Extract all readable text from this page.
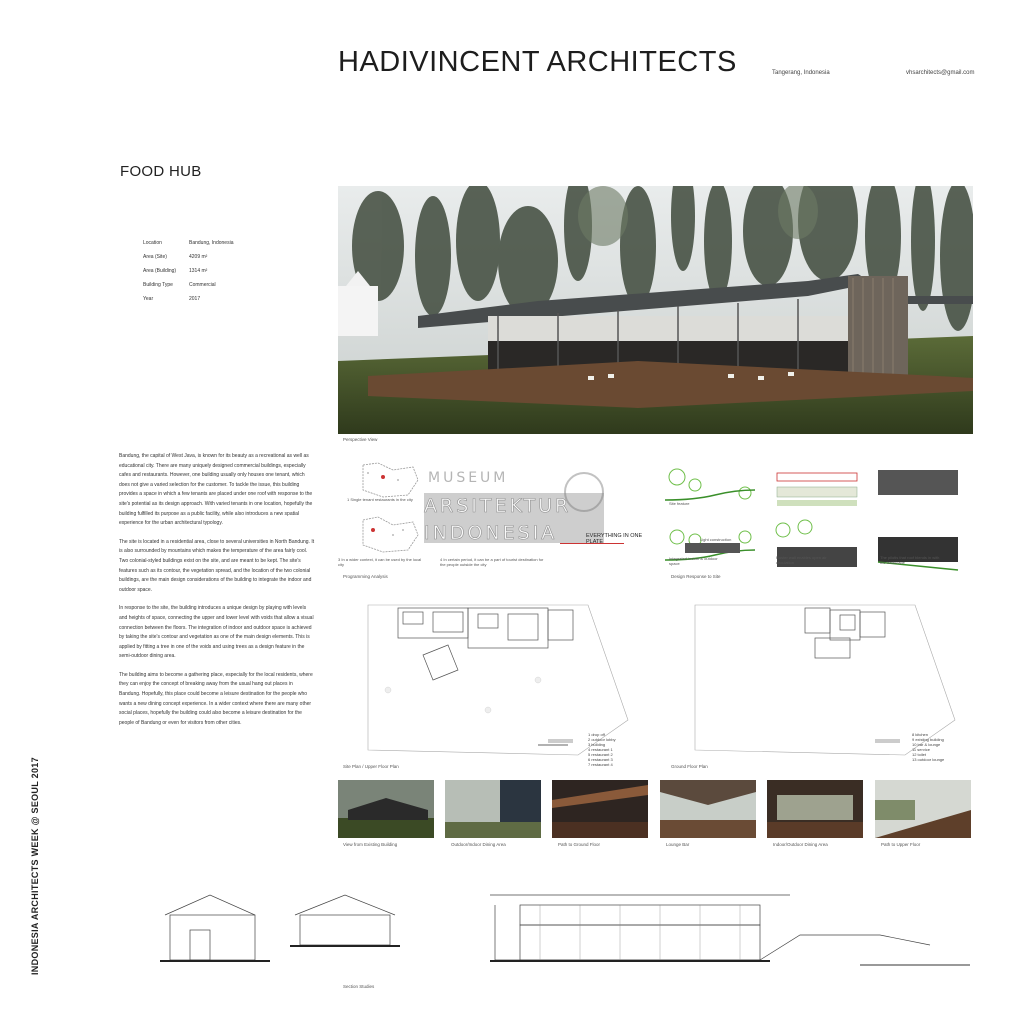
HADIVINCENT ARCHITECTS	Tangerang, Indonesia	vhsarchitects@gmail.com
FOOD HUB
Location	Bandung, Indonesia
Area (Site)	4209 m²
Area (Building)	1314 m²
Building Type	Commercial
Year	2017
Perspective View

Bandung, the capital of West Java, is known for its beauty as a recreational as well as educational city. There are many uniquely designed commercial buildings, especially cafes and restaurants. However, one building usually only houses one tenant, which does not give a varied selection for the customer. To tackle the issue, this building provides a space in which a few tenants are placed under one roof with response to the site's potential as its design approach. With varied tenants in one location, hopefully the building fulfilled its purpose as a public facility, while also introduces a new spatial experience for the urban architectural typology.

The site is located in a residential area, close to several universities in North Bandung. It is also surrounded by mountains which makes the temperature of the area fairly cool. Two colonial-styled buildings exist on the site, and are meant to be kept. The site's features such as its contour, the vegetation spread, and the location of the two colonial buildings, are the main design considerations of the building to integrate the indoor and outdoor space.

In response to the site, the building introduces a unique design by playing with levels and heights of space, connecting the upper and lower level with voids that allow a visual connection between the floors. The integration of indoor and outdoor space is achieved by taking the site's contour and vegetation as one of the main design elements. This is applied by fitting a tree in one of the voids and using trees as a design feature in the semi-outdoor dining area.

The building aims to become a gathering place, especially for the local residents, where they can enjoy the concept of breaking away from the usual hang out places in Bandung. Hopefully, this place could become a leisure destination for the people who wants a new dining concept experience. In a wider context where there are many other social places, hopefully the building could also become a leisure destination for the people of Bandung or even for visitors from other cities.

1 Single tenant restaurants in the city
3 In a wider context, it can be used by the local city
4 In certain period, it can be a part of tourist destination for the people outside the city
EVERYTHING IN ONE PLATE
Programming Analysis
MUSEUM
ARSITEKTUR
INDONESIA
Site feature
Integrated indoor & outdoor space
Light construction
Roster wall enables open air circulation
The pilotis that roof blends in with the landscape
Design Response to Site
1 drop off
2 outdoor lobby
3 building
4 restaurant 1
5 restaurant 2
6 restaurant 3
7 restaurant 4
Site Plan / Upper Floor Plan
8 kitchen
9 existing building
10 bar & lounge
11 service
12 toilet
13 outdoor lounge
Ground Floor Plan
View from Existing Building	Outdoor/Indoor Dining Area	Path to Ground Floor	Lounge Bar	Indoor/Outdoor Dining Area	Path to Upper Floor
Section Studies
INDONESIA ARCHITECTS WEEK @ SEOUL 2017
